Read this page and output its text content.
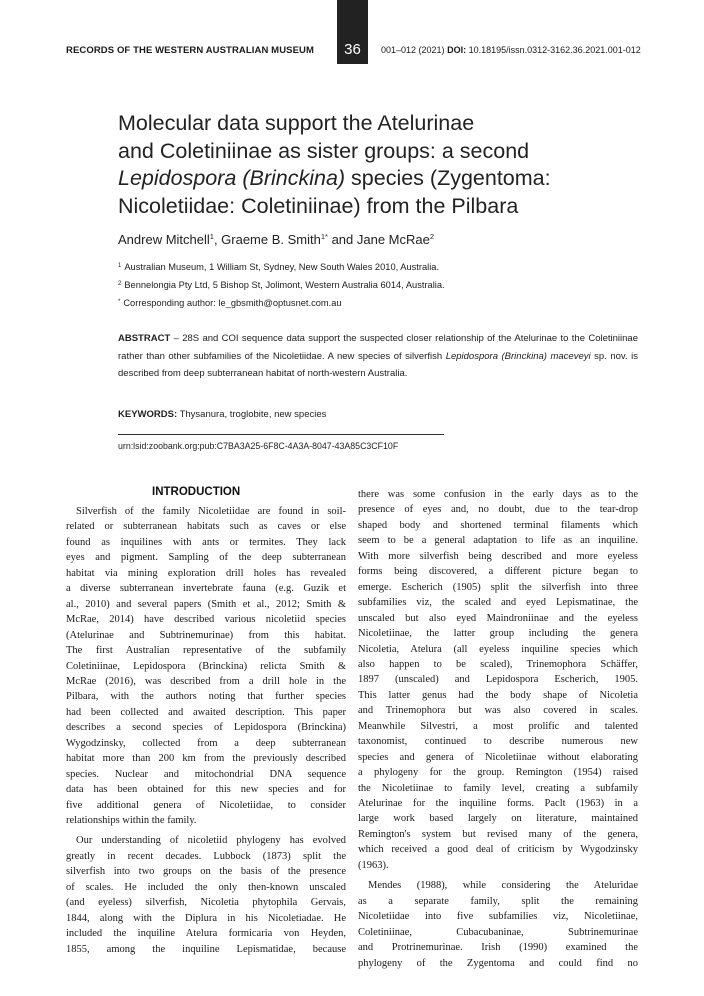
RECORDS OF THE WESTERN AUSTRALIAN MUSEUM 36 001–012 (2021) DOI: 10.18195/issn.0312-3162.36.2021.001-012
Molecular data support the Atelurinae
and Coletiniinae as sister groups: a second
Lepidospora (Brinckina) species (Zygentoma:
Nicoletiidae: Coletiniinae) from the Pilbara
Andrew Mitchell$^1$, Graeme B. Smith$^{1*}$ and Jane McRae$^2$
$^1$ Australian Museum, 1 William St, Sydney, New South Wales 2010, Australia.
$^2$ Bennelongia Pty Ltd, 5 Bishop St, Jolimont, Western Australia 6014, Australia.
* Corresponding author: le_gbsmith@optusnet.com.au
ABSTRACT – 28S and COI sequence data support the suspected closer relationship of the Atelurinae to the Coletiniinae rather than other subfamilies of the Nicoletiidae. A new species of silverfish Lepidospora (Brinckina) maceveyi sp. nov. is described from deep subterranean habitat of north-western Australia.
KEYWORDS: Thysanura, troglobite, new species
urn:lsid:zoobank.org:pub:C7BA3A25-6F8C-4A3A-8047-43A85C3CF10F
INTRODUCTION
Silverfish of the family Nicoletiidae are found in soil-
related or subterranean habitats such as caves or else
found as inquilines with ants or termites. They lack
eyes and pigment. Sampling of the deep subterranean
habitat via mining exploration drill holes has revealed
a diverse subterranean invertebrate fauna (e.g. Guzik et
al., 2010) and several papers (Smith et al., 2012; Smith &
McRae, 2014) have described various nicoletiid species
(Atelurinae and Subtrinemurinae) from this habitat.
The first Australian representative of the subfamily
Coletiniinae, Lepidospora (Brinckina) relicta Smith &
McRae (2016), was described from a drill hole in the
Pilbara, with the authors noting that further species
had been collected and awaited description. This paper
describes a second species of Lepidospora (Brinckina)
Wygodzinsky, collected from a deep subterranean
habitat more than 200 km from the previously described
species. Nuclear and mitochondrial DNA sequence
data has been obtained for this new species and for
five additional genera of Nicoletiidae, to consider
relationships within the family.
Our understanding of nicoletiid phylogeny has evolved
greatly in recent decades. Lubbock (1873) split the
silverfish into two groups on the basis of the presence
of scales. He included the only then-known unscaled
(and eyeless) silverfish, Nicoletia phytophila Gervais,
1844, along with the Diplura in his Nicoletiadae. He
included the inquiline Atelura formicaria von Heyden,
1855, among the inquiline Lepismatidae, because
there was some confusion in the early days as to the
presence of eyes and, no doubt, due to the tear-drop
shaped body and shortened terminal filaments which
seem to be a general adaptation to life as an inquiline.
With more silverfish being described and more eyeless
forms being discovered, a different picture began to
emerge. Escherich (1905) split the silverfish into three
subfamilies viz, the scaled and eyed Lepismatinae, the
unscaled but also eyed Maindroniinae and the eyeless
Nicoletiinae, the latter group including the genera
Nicoletia, Atelura (all eyeless inquiline species which
also happen to be scaled), Trinemophora Schäffer,
1897 (unscaled) and Lepidospora Escherich, 1905.
This latter genus had the body shape of Nicoletia
and Trinemophora but was also covered in scales.
Meanwhile Silvestri, a most prolific and talented
taxonomist, continued to describe numerous new
species and genera of Nicoletiinae without elaborating
a phylogeny for the group. Remington (1954) raised
the Nicoletiinae to family level, creating a subfamily
Atelurinae for the inquiline forms. Paclt (1963) in a
large work based largely on literature, maintained
Remington's system but revised many of the genera,
which received a good deal of criticism by Wygodzinsky
(1963).
Mendes (1988), while considering the Ateluridae
as a separate family, split the remaining
Nicoletiidae into five subfamilies viz, Nicoletiinae,
Coletiniinae, Cubacubaninae, Subtrinemurinae
and Protrinemurinae. Irish (1990) examined the
phylogeny of the Zygentoma and could find no
